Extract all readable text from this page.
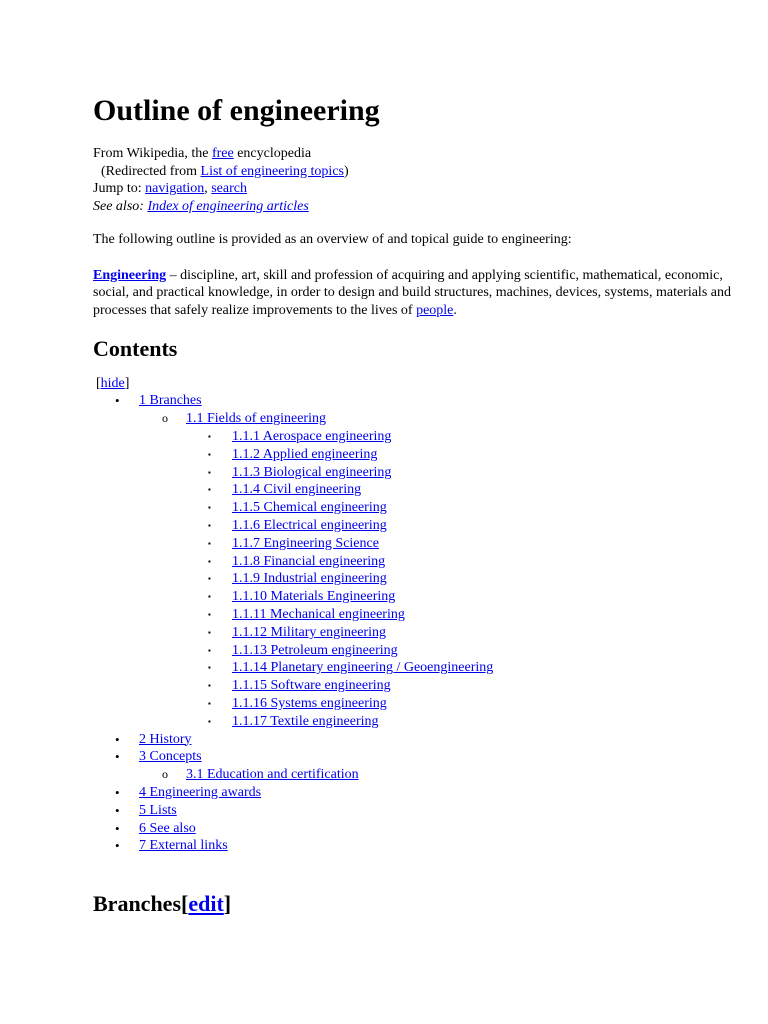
Outline of engineering
From Wikipedia, the free encyclopedia
(Redirected from List of engineering topics)
Jump to: navigation, search
See also: Index of engineering articles

The following outline is provided as an overview of and topical guide to engineering:

Engineering – discipline, art, skill and profession of acquiring and applying scientific, mathematical, economic, social, and practical knowledge, in order to design and build structures, machines, devices, systems, materials and processes that safely realize improvements to the lives of people.

Contents
[hide]
• 1 Branches
o 1.1 Fields of engineering
▪ 1.1.1 Aerospace engineering
▪ 1.1.2 Applied engineering
▪ 1.1.3 Biological engineering
▪ 1.1.4 Civil engineering
▪ 1.1.5 Chemical engineering
▪ 1.1.6 Electrical engineering
▪ 1.1.7 Engineering Science
▪ 1.1.8 Financial engineering
▪ 1.1.9 Industrial engineering
▪ 1.1.10 Materials Engineering
▪ 1.1.11 Mechanical engineering
▪ 1.1.12 Military engineering
▪ 1.1.13 Petroleum engineering
▪ 1.1.14 Planetary engineering / Geoengineering
▪ 1.1.15 Software engineering
▪ 1.1.16 Systems engineering
▪ 1.1.17 Textile engineering
• 2 History
• 3 Concepts
o 3.1 Education and certification
• 4 Engineering awards
• 5 Lists
• 6 See also
• 7 External links
Branches[edit]
